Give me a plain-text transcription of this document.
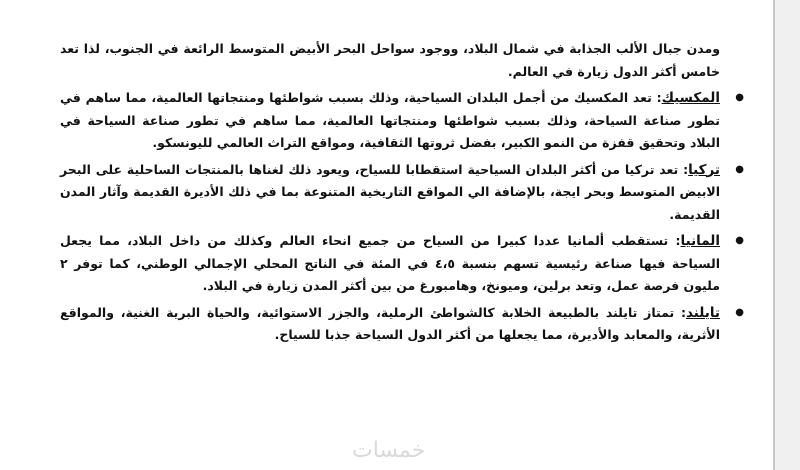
ومدن جبال الألب الجذابة في شمال البلاد، ووجود سواحل البحر الأبيض المتوسط الرائعة في الجنوب، لذا تعد خامس أكثر الدول زيارة في العالم.

●
المكسيك: تعد المكسيك من أجمل البلدان السياحية، وذلك بسبب شواطئها ومنتجاتها العالمية، مما ساهم في تطور صناعة السياحة، وذلك بسبب شواطئها ومنتجاتها العالمية، مما ساهم في تطور صناعة السياحة في البلاد وتحقيق قفزة من النمو الكبير، بفضل ثروتها الثقافية، ومواقع التراث العالمي لليونسكو.
●
تركيا: تعد تركيا من أكثر البلدان السياحية استقطابا للسياح، ويعود ذلك لغناها بالمنتجات الساحلية على البحر الابيض المتوسط وبحر ايجة، بالإضافة الي المواقع التاريخية المتنوعة بما في ذلك الأديرة القديمة وآثار المدن القديمة.
●
المانيا: تستقطب ألمانيا عددا كبيرا من السياح من جميع انحاء العالم وكذلك من داخل البلاد، مما يجعل السياحة فيها صناعة رئيسية تسهم بنسبة ٤،٥ في المئة في الناتج المحلي الإجمالي الوطني، كما توفر ٢ مليون فرصة عمل، وتعد برلين، وميونخ، وهامبورغ من بين أكثر المدن زيارة في البلاد.
●
تايلند: تمتاز تايلند بالطبيعة الخلابة كالشواطئ الرملية، والجزر الاستوائية، والحياة البرية الغنية، والمواقع الأثرية، والمعابد والأديرة، مما يجعلها من أكثر الدول السياحة جذبا للسياح.
خمسات
